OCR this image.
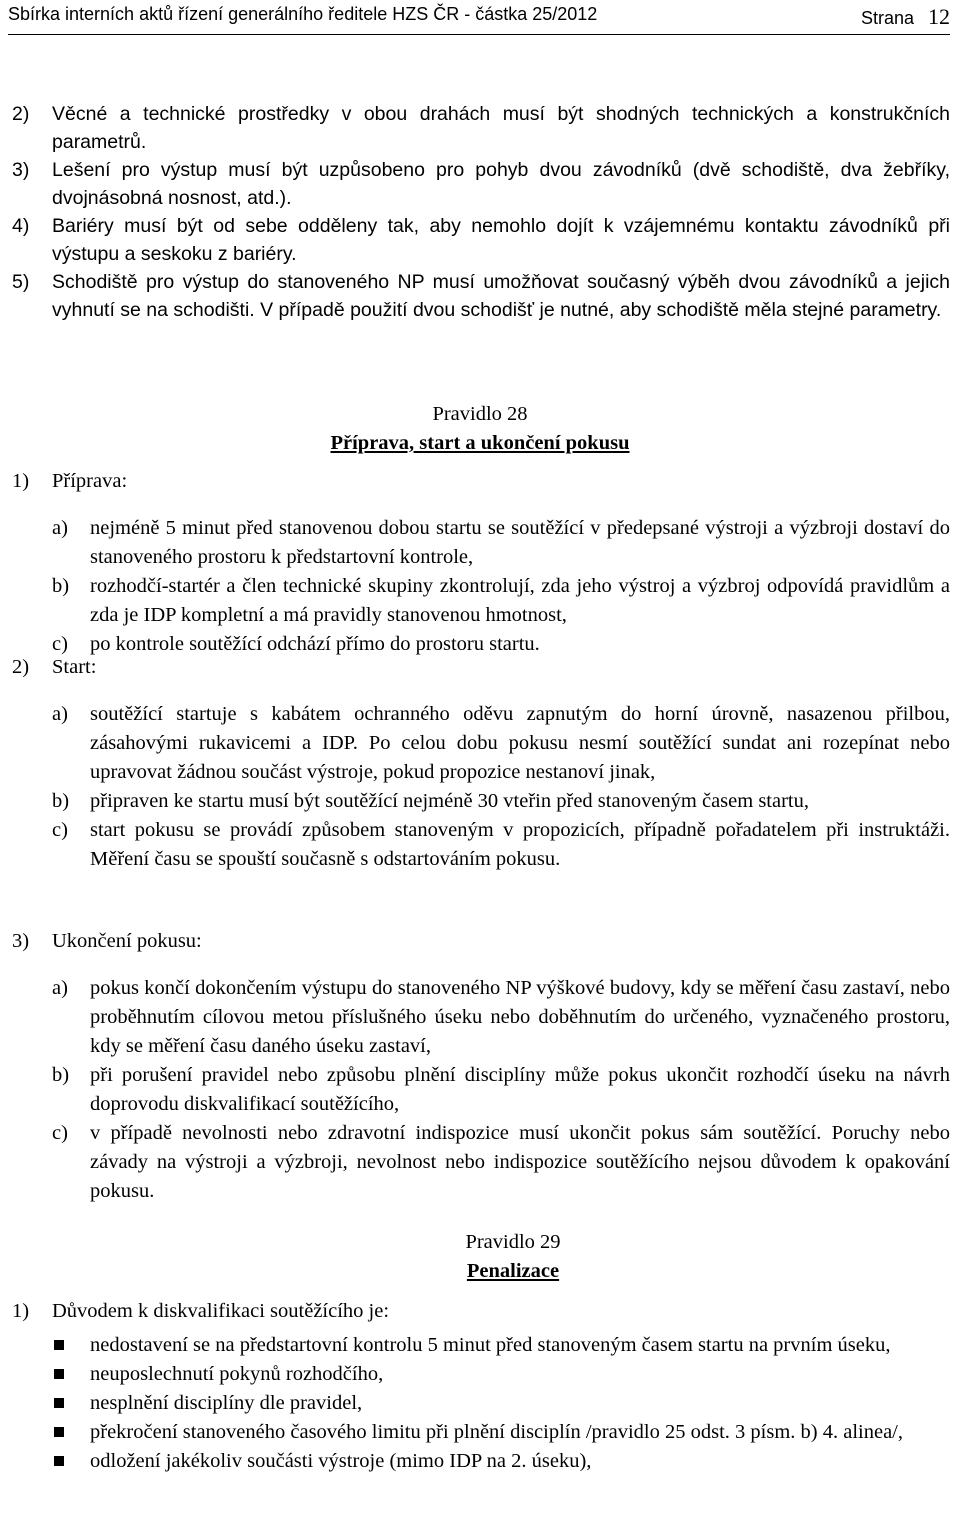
Sbírka interních aktů řízení generálního ředitele HZS ČR - částka 25/2012	Strana 12

2) Věcné a technické prostředky v obou drahách musí být shodných technických a konstrukčních parametrů.

3) Lešení pro výstup musí být uzpůsobeno pro pohyb dvou závodníků (dvě schodiště, dva žebříky, dvojnásobná nosnost, atd.).

4) Bariéry musí být od sebe odděleny tak, aby nemohlo dojít k vzájemnému kontaktu závodníků při výstupu a seskoku z bariéry.

5) Schodiště pro výstup do stanoveného NP musí umožňovat současný výběh dvou závodníků a jejich vyhnutí se na schodišti. V případě použití dvou schodišť je nutné, aby schodiště měla stejné parametry.

Pravidlo 28
Příprava, start a ukončení pokusu

1) Příprava:

a) nejméně 5 minut před stanovenou dobou startu se soutěžící v předepsané výstroji a výzbroji dostaví do stanoveného prostoru k předstartovní kontrole,

b) rozhodčí-startér a člen technické skupiny zkontrolují, zda jeho výstroj a výzbroj odpovídá pravidlům a zda je IDP kompletní a má pravidly stanovenou hmotnost,

c) po kontrole soutěžící odchází přímo do prostoru startu.

2) Start:

a) soutěžící startuje s kabátem ochranného oděvu zapnutým do horní úrovně, nasazenou přilbou, zásahovými rukavicemi a IDP. Po celou dobu pokusu nesmí soutěžící sundat ani rozepínat nebo upravovat žádnou součást výstroje, pokud propozice nestanoví jinak,

b) připraven ke startu musí být soutěžící nejméně 30 vteřin před stanoveným časem startu,

c) start pokusu se provádí způsobem stanoveným v propozicích, případně pořadatelem při instruktáži. Měření času se spouští současně s odstartováním pokusu.

3) Ukončení pokusu:

a) pokus končí dokončením výstupu do stanoveného NP výškové budovy, kdy se měření času zastaví, nebo proběhnutím cílovou metou příslušného úseku nebo doběhnutím do určeného, vyznačeného prostoru, kdy se měření času daného úseku zastaví,

b) při porušení pravidel nebo způsobu plnění disciplíny může pokus ukončit rozhodčí úseku na návrh doprovodu diskvalifikací soutěžícího,

c) v případě nevolnosti nebo zdravotní indispozice musí ukončit pokus sám soutěžící. Poruchy nebo závady na výstroji a výzbroji, nevolnost nebo indispozice soutěžícího nejsou důvodem k opakování pokusu.

Pravidlo 29
Penalizace

1) Důvodem k diskvalifikaci soutěžícího je:

nedostavení se na předstartovní kontrolu 5 minut před stanoveným časem startu na prvním úseku,

neuposlechnutí pokynů rozhodčího,

nesplnění disciplíny dle pravidel,

překročení stanoveného časového limitu při plnění disciplín /pravidlo 25 odst. 3 písm. b) 4. alinea/,

odložení jakékoliv součásti výstroje (mimo IDP na 2. úseku),
